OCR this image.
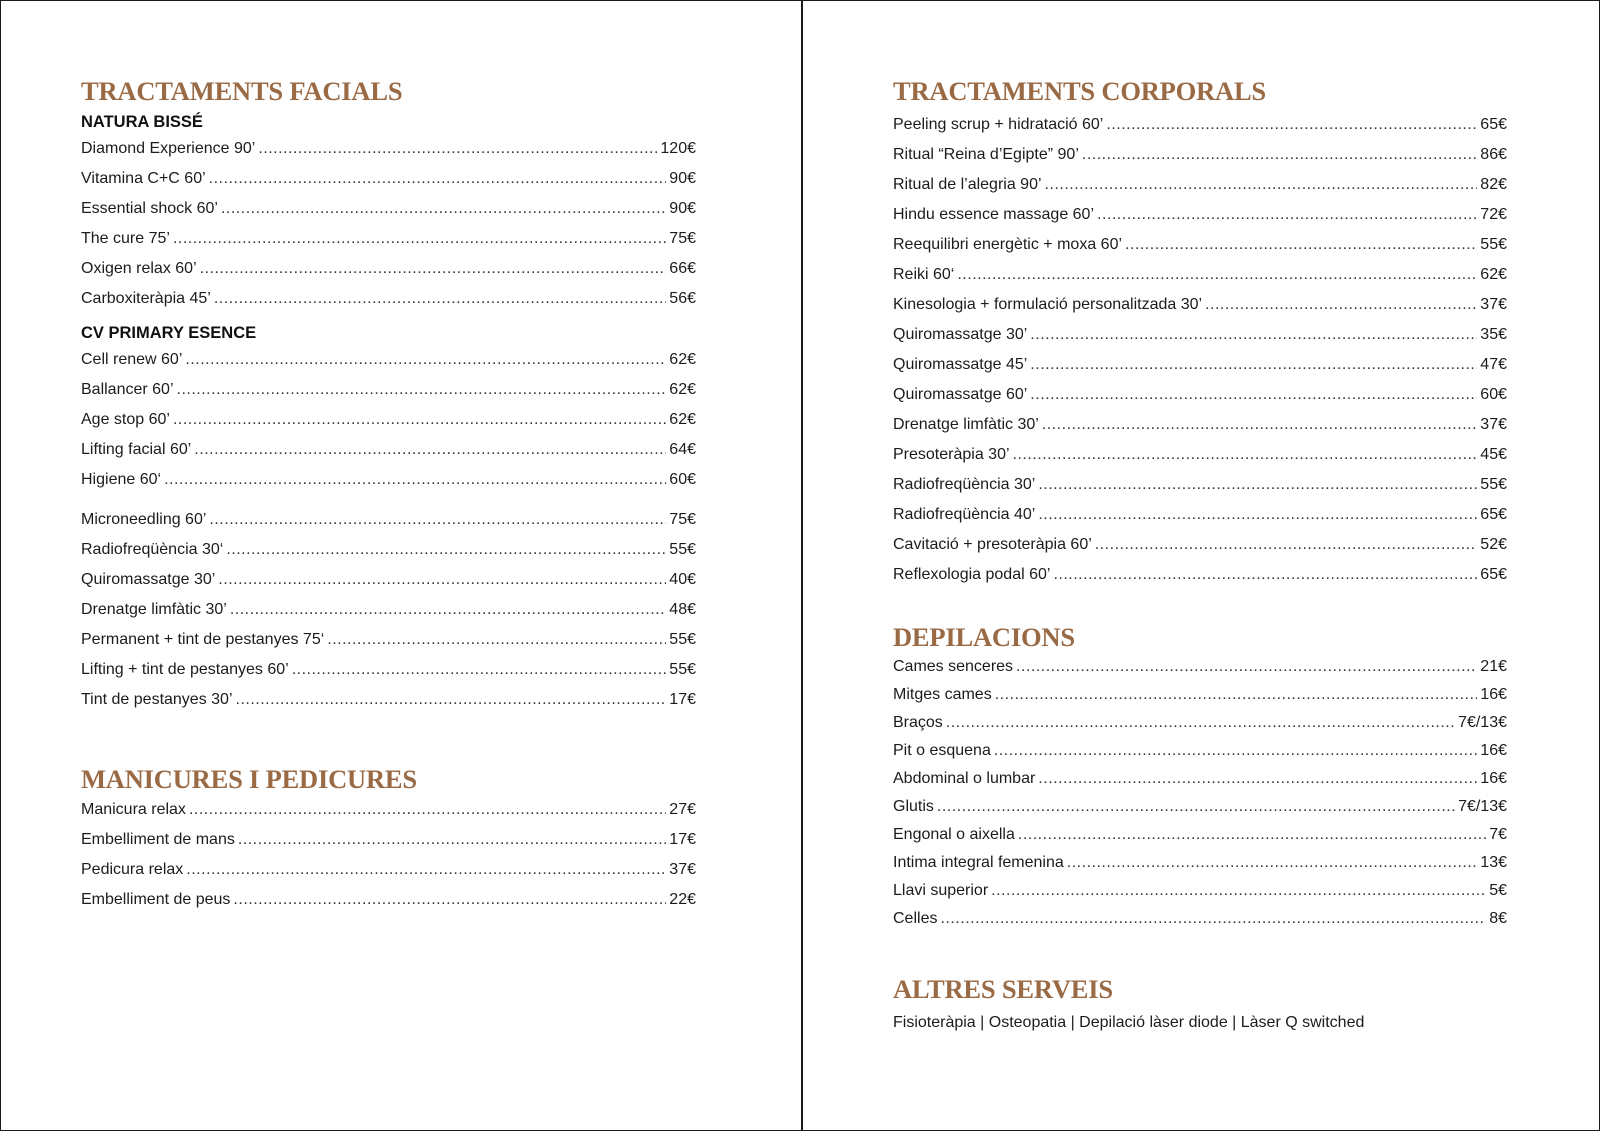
TRACTAMENTS FACIALS
NATURA BISSÉ
Diamond Experience 90’ .....	120€
Vitamina C+C 60’ .....	90€
Essential shock 60’ .....	90€
The cure 75’ .....	75€
Oxigen relax 60’ .....	66€
Carboxiteràpia 45’ .....	56€
CV PRIMARY ESENCE
Cell renew 60’ .....	62€
Ballancer 60’ .....	62€
Age stop 60’ .....	62€
Lifting facial 60’ .....	64€
Higiene 60‘ .....	60€
Microneedling 60’ .....	75€
Radiofreqüència 30‘ .....	55€
Quiromassatge 30’ .....	40€
Drenatge limfàtic 30’ .....	48€
Permanent + tint de pestanyes 75‘ .....	55€
Lifting + tint de pestanyes 60’ .....	55€
Tint de pestanyes 30’ .....	17€
MANICURES I PEDICURES
Manicura relax .....	27€
Embelliment de mans .....	17€
Pedicura relax .....	37€
Embelliment de peus .....	22€
TRACTAMENTS CORPORALS
Peeling scrup + hidratació 60’ .....	65€
Ritual “Reina d’Egipte” 90’ .....	86€
Ritual de l’alegria 90’ .....	82€
Hindu essence massage 60’ .....	72€
Reequilibri energètic + moxa 60’ .....	55€
Reiki 60‘ .....	62€
Kinesologia + formulació personalitzada 30’ .....	37€
Quiromassatge 30’ .....	35€
Quiromassatge 45’ .....	47€
Quiromassatge 60’ .....	60€
Drenatge limfàtic 30’ .....	37€
Presoteràpia 30’ .....	45€
Radiofreqüència 30’ .....	55€
Radiofreqüència 40’ .....	65€
Cavitació + presoteràpia 60’ .....	52€
Reflexologia podal 60’ .....	65€
DEPILACIONS
Cames senceres .....	21€
Mitges cames .....	16€
Braços .....	7€/13€
Pit o esquena .....	16€
Abdominal o lumbar .....	16€
Glutis .....	7€/13€
Engonal o aixella .....	7€
Intima integral femenina .....	13€
Llavi superior .....	5€
Celles .....	8€
ALTRES SERVEIS
Fisioteràpia | Osteopatia | Depilació làser diode | Làser Q switched
